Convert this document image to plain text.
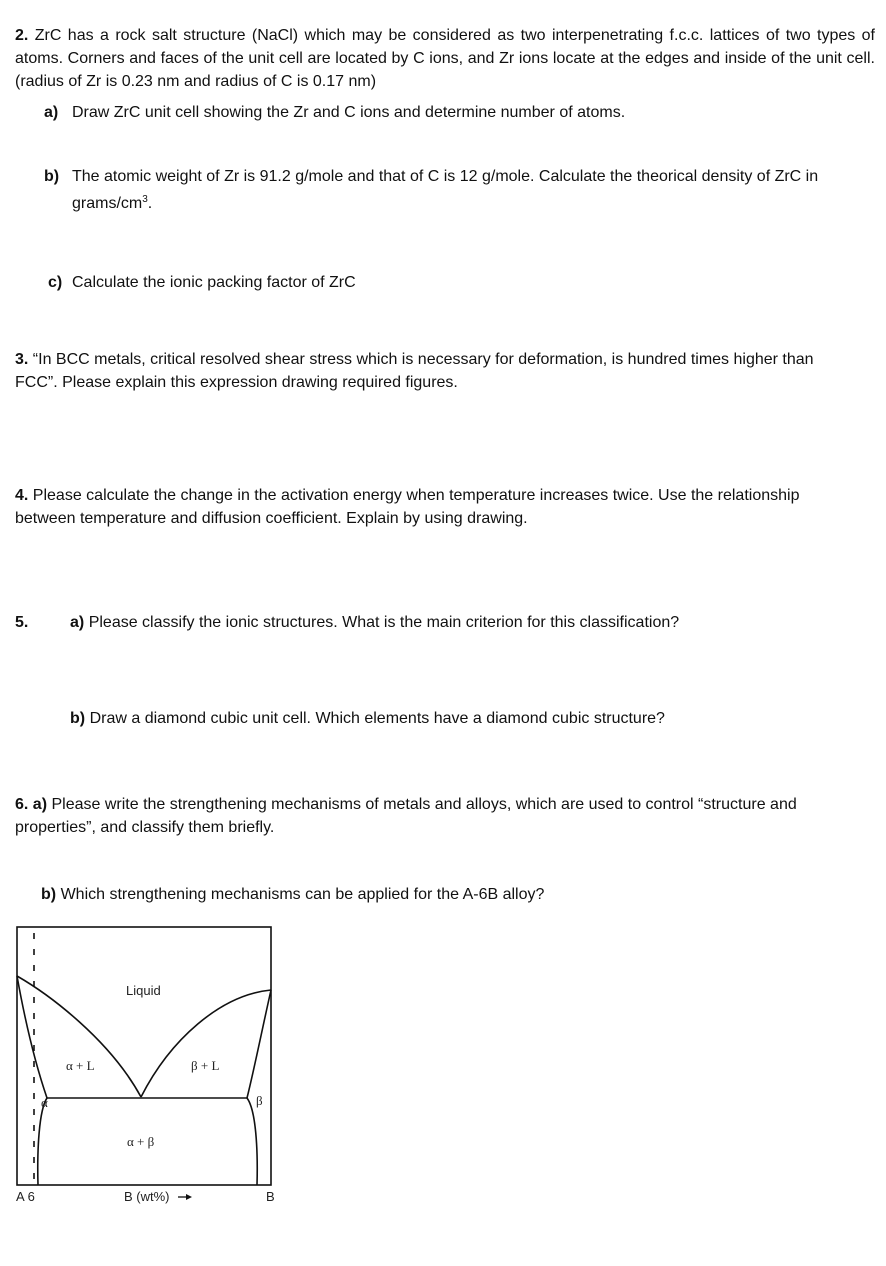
2. ZrC has a rock salt structure (NaCl) which may be considered as two interpenetrating f.c.c. lattices of two types of atoms. Corners and faces of the unit cell are located by C ions, and Zr ions locate at the edges and inside of the unit cell. (radius of Zr is 0.23 nm and radius of C is 0.17 nm)
a) Draw ZrC unit cell showing the Zr and C ions and determine number of atoms.
b) The atomic weight of Zr is 91.2 g/mole and that of C is 12 g/mole. Calculate the theorical density of ZrC in
grams/$cm^3$.
c) Calculate the ionic packing factor of ZrC
3. “In BCC metals, critical resolved shear stress which is necessary for deformation, is hundred times higher than
FCC”. Please explain this expression drawing required figures.
4. Please calculate the change in the activation energy when temperature increases twice. Use the relationship
between temperature and diffusion coefficient. Explain by using drawing.
5.	a) Please classify the ionic structures. What is the main criterion for this classification?
b) Draw a diamond cubic unit cell. Which elements have a diamond cubic structure?
6. a) Please write the strengthening mechanisms of metals and alloys, which are used to control “structure and
properties”, and classify them briefly.
b) Which strengthening mechanisms can be applied for the A-6B alloy?
Liquid
α + L	β + L
α	β
α + β
A 6	B (wt%)	B
